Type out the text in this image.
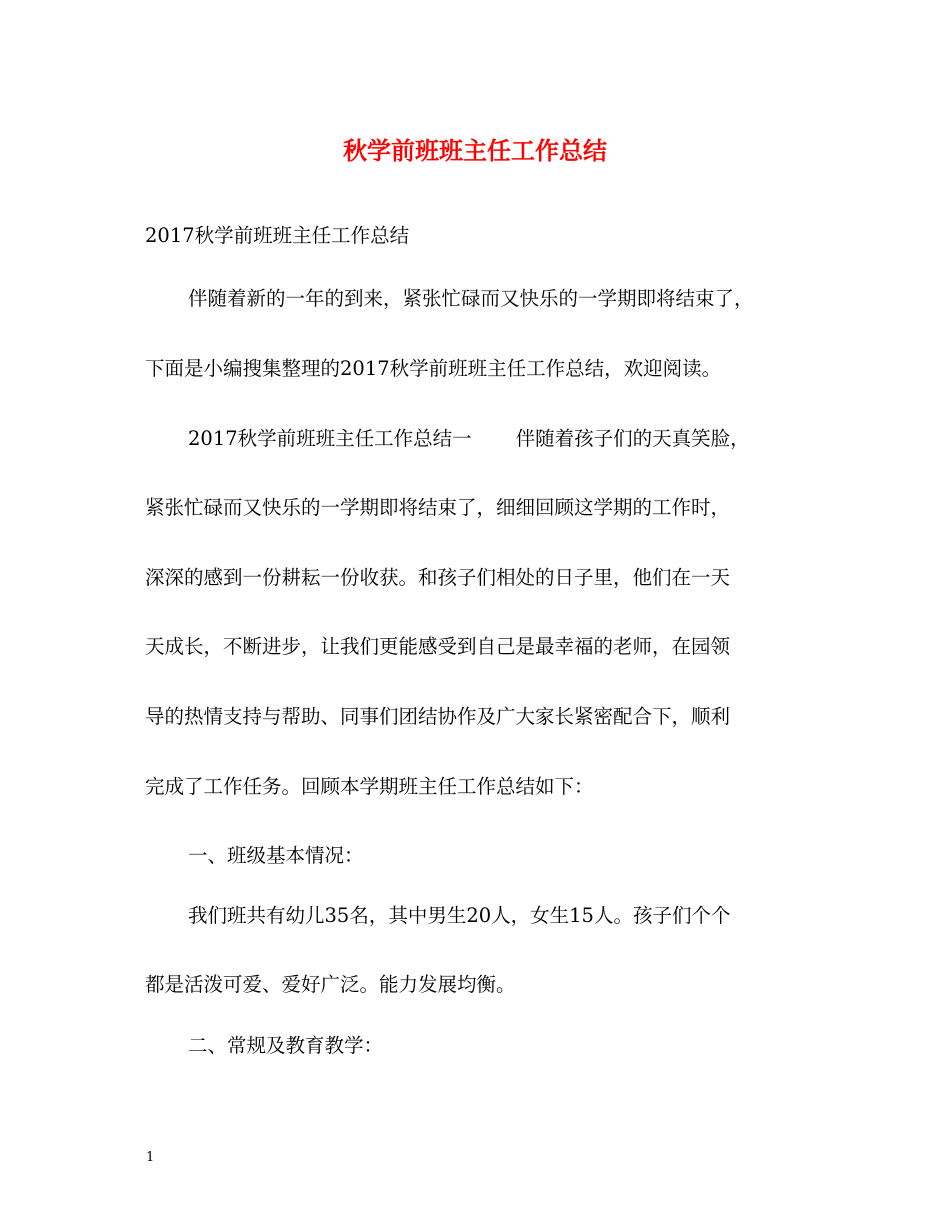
秋学前班班主任工作总结

2017秋学前班班主任工作总结

伴随着新的一年的到来，紧张忙碌而又快乐的一学期即将结束了，

下面是小编搜集整理的2017秋学前班班主任工作总结，欢迎阅读。

2017秋学前班班主任工作总结一 伴随着孩子们的天真笑脸，

紧张忙碌而又快乐的一学期即将结束了，细细回顾这学期的工作时，

深深的感到一份耕耘一份收获。和孩子们相处的日子里，他们在一天

天成长，不断进步，让我们更能感受到自己是最幸福的老师，在园领

导的热情支持与帮助、同事们团结协作及广大家长紧密配合下，顺利

完成了工作任务。回顾本学期班主任工作总结如下：

一、班级基本情况：

我们班共有幼儿35名，其中男生20人，女生15人。孩子们个个

都是活泼可爱、爱好广泛。能力发展均衡。

二、常规及教育教学：

1
